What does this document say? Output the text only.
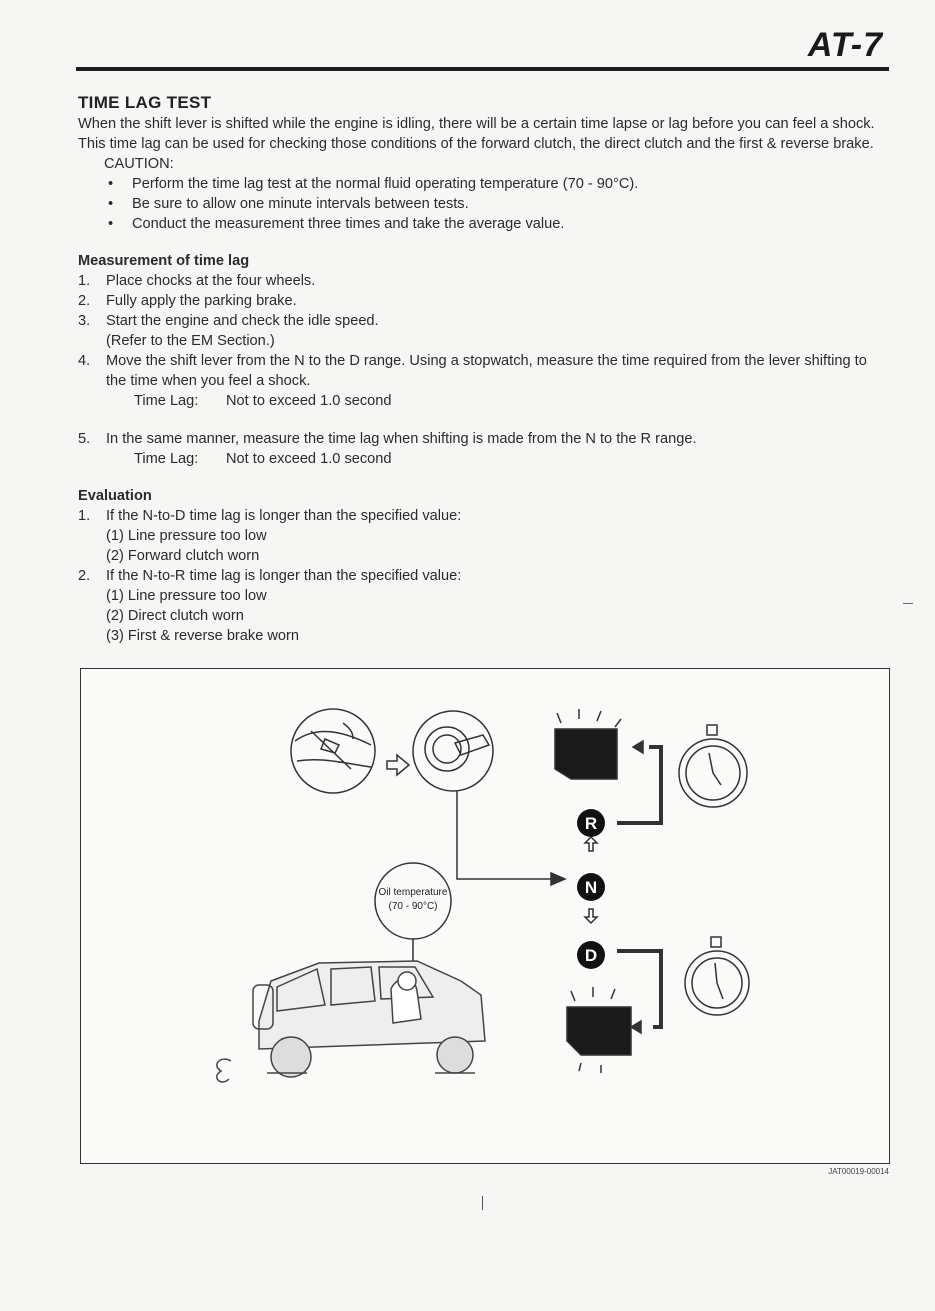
AT-7
TIME LAG TEST

When the shift lever is shifted while the engine is idling, there will be a certain time lapse or lag before you can feel a shock. This time lag can be used for checking those conditions of the forward clutch, the direct clutch and the first & reverse brake.

CAUTION:

• Perform the time lag test at the normal fluid operating temperature (70 - 90°C).
• Be sure to allow one minute intervals between tests.
• Conduct the measurement three times and take the average value.
Measurement of time lag
1.	Place chocks at the four wheels.
2.	Fully apply the parking brake.
3.	Start the engine and check the idle speed.
(Refer to the EM Section.)
4.	Move the shift lever from the N to the D range. Using a stopwatch, measure the time required from the lever shifting to the time when you feel a shock.
Time Lag:	Not to exceed 1.0 second
5.	In the same manner, measure the time lag when shifting is made from the N to the R range.
Time Lag:	Not to exceed 1.0 second
Evaluation
1.	If the N-to-D time lag is longer than the specified value:
(1) Line pressure too low
(2) Forward clutch worn
2.	If the N-to-R time lag is longer than the specified value:
(1) Line pressure too low
(2) Direct clutch worn
(3) First & reverse brake worn
R
N
D
Oil temperature
(70 - 90°C)
JAT00019-00014
